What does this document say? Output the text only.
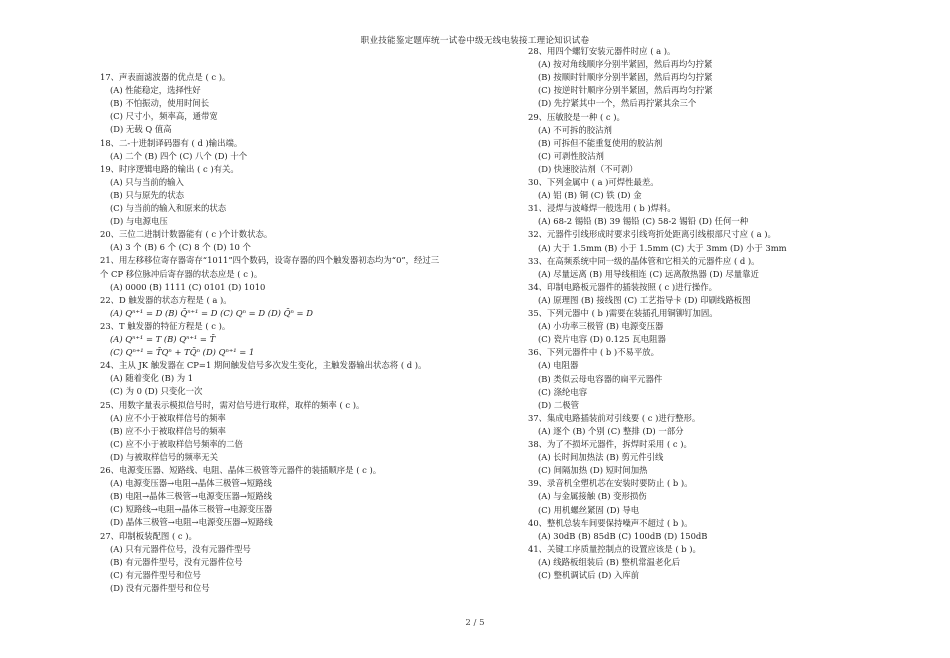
职业技能鉴定题库统一试卷中级无线电装接工理论知识试卷
17、声表面滤波器的优点是 ( c )。
(A) 性能稳定，选择性好
(B) 不怕振动，使用时间长
(C) 尺寸小，频率高，通带宽
(D) 无载 Q 值高
18、二-十进制译码器有 ( d )输出端。
(A) 二个 (B) 四个 (C) 八个 (D) 十个
19、时序逻辑电路的输出 ( c )有关。
(A) 只与当前的输入
(B) 只与原先的状态
(C) 与当前的输入和原来的状态
(D) 与电源电压
20、三位二进制计数器能有 ( c )个计数状态。
(A) 3 个 (B) 6 个 (C) 8 个 (D) 10 个
21、用左移移位寄存器寄存“1011”四个数码，设寄存器的四个触发器初态均为“0”，经过三
个 CP 移位脉冲后寄存器的状态应是 ( c )。
(A) 0000 (B) 1111 (C) 0101 (D) 1010
22、D 触发器的状态方程是 ( a )。
(A) Qⁿ⁺¹ = D (B) Q̄ⁿ⁺¹ = D (C) Qⁿ = D (D) Q̄ⁿ = D
23、T 触发器的特征方程是 ( c )。
(A) Qⁿ⁺¹ = T (B) Qⁿ⁺¹ = T̄
(C) Qⁿ⁺¹ = T̄Qⁿ + TQ̄ⁿ (D) Qⁿ⁺¹ = 1
24、主从 JK 触发器在 CP=1 期间触发信号多次发生变化，主触发器输出状态将 ( d )。
(A) 随着变化 (B) 为 1
(C) 为 0 (D) 只变化一次
25、用数字量表示模拟信号时，需对信号进行取样，取样的频率 ( c )。
(A) 应不小于被取样信号的频率
(B) 应不小于被取样信号的频率
(C) 应不小于被取样信号频率的二倍
(D) 与被取样信号的频率无关
26、电源变压器、短路线、电阻、晶体三极管等元器件的装插顺序是 ( c )。
(A) 电源变压器→电阻→晶体三极管→短路线
(B) 电阻→晶体三极管→电源变压器→短路线
(C) 短路线→电阻→晶体三极管→电源变压器
(D) 晶体三极管→电阻→电源变压器→短路线
27、印制板装配图 ( c )。
(A) 只有元器件位号，没有元器件型号
(B) 有元器件型号，没有元器件位号
(C) 有元器件型号和位号
(D) 没有元器件型号和位号
28、用四个螺钉安装元器件时应 ( a )。
(A) 按对角线顺序分别半紧固，然后再均匀拧紧
(B) 按顺时针顺序分别半紧固，然后再均匀拧紧
(C) 按逆时针顺序分别半紧固，然后再均匀拧紧
(D) 先拧紧其中一个，然后再拧紧其余三个
29、压敏胶是一种 ( c )。
(A) 不可拆的胶沾剂
(B) 可拆但不能重复使用的胶沾剂
(C) 可剥性胶沾剂
(D) 快速胶沾剂（不可剥）
30、下列金属中 ( a )可焊性最差。
(A) 铝 (B) 铜 (C) 铁 (D) 金
31、浸焊与波峰焊一般选用 ( b )焊料。
(A) 68-2 锡铅 (B) 39 锡铅 (C) 58-2 锡铅 (D) 任何一种
32、元器件引线形成时要求引线弯折处距离引线根部尺寸应 ( a )。
(A) 大于 1.5mm (B) 小于 1.5mm (C) 大于 3mm (D) 小于 3mm
33、在高频系统中同一级的晶体管和它相关的元器件应 ( d )。
(A) 尽量远离 (B) 用导线相连 (C) 远离散热器 (D) 尽量靠近
34、印制电路板元器件的插装按照 ( c )进行操作。
(A) 原理图 (B) 接线图 (C) 工艺指导卡 (D) 印刷线路板图
35、下列元器中 ( b )需要在装插孔用铜铆钉加固。
(A) 小功率三极管 (B) 电源变压器
(C) 瓷片电容 (D) 0.125 瓦电阻器
36、下列元器件中 ( b )不易平放。
(A) 电阻器
(B) 类似云母电容器的扁平元器件
(C) 涤纶电容
(D) 二极管
37、集成电路插装前对引线要 ( c )进行整形。
(A) 逐个 (B) 个别 (C) 整排 (D) 一部分
38、为了不损坏元器件，拆焊时采用 ( c )。
(A) 长时间加热法 (B) 剪元件引线
(C) 间隔加热 (D) 短时间加热
39、录音机全塑机芯在安装时要防止 ( b )。
(A) 与金属接触 (B) 变形损伤
(C) 用机螺丝紧固 (D) 导电
40、整机总装车间要保持噪声不超过 ( b )。
(A) 30dB (B) 85dB (C) 100dB (D) 150dB
41、关键工序质量控制点的设置应该是 ( b )。
(A) 线路板组装后 (B) 整机常温老化后
(C) 整机调试后 (D) 入库前
2 / 5
